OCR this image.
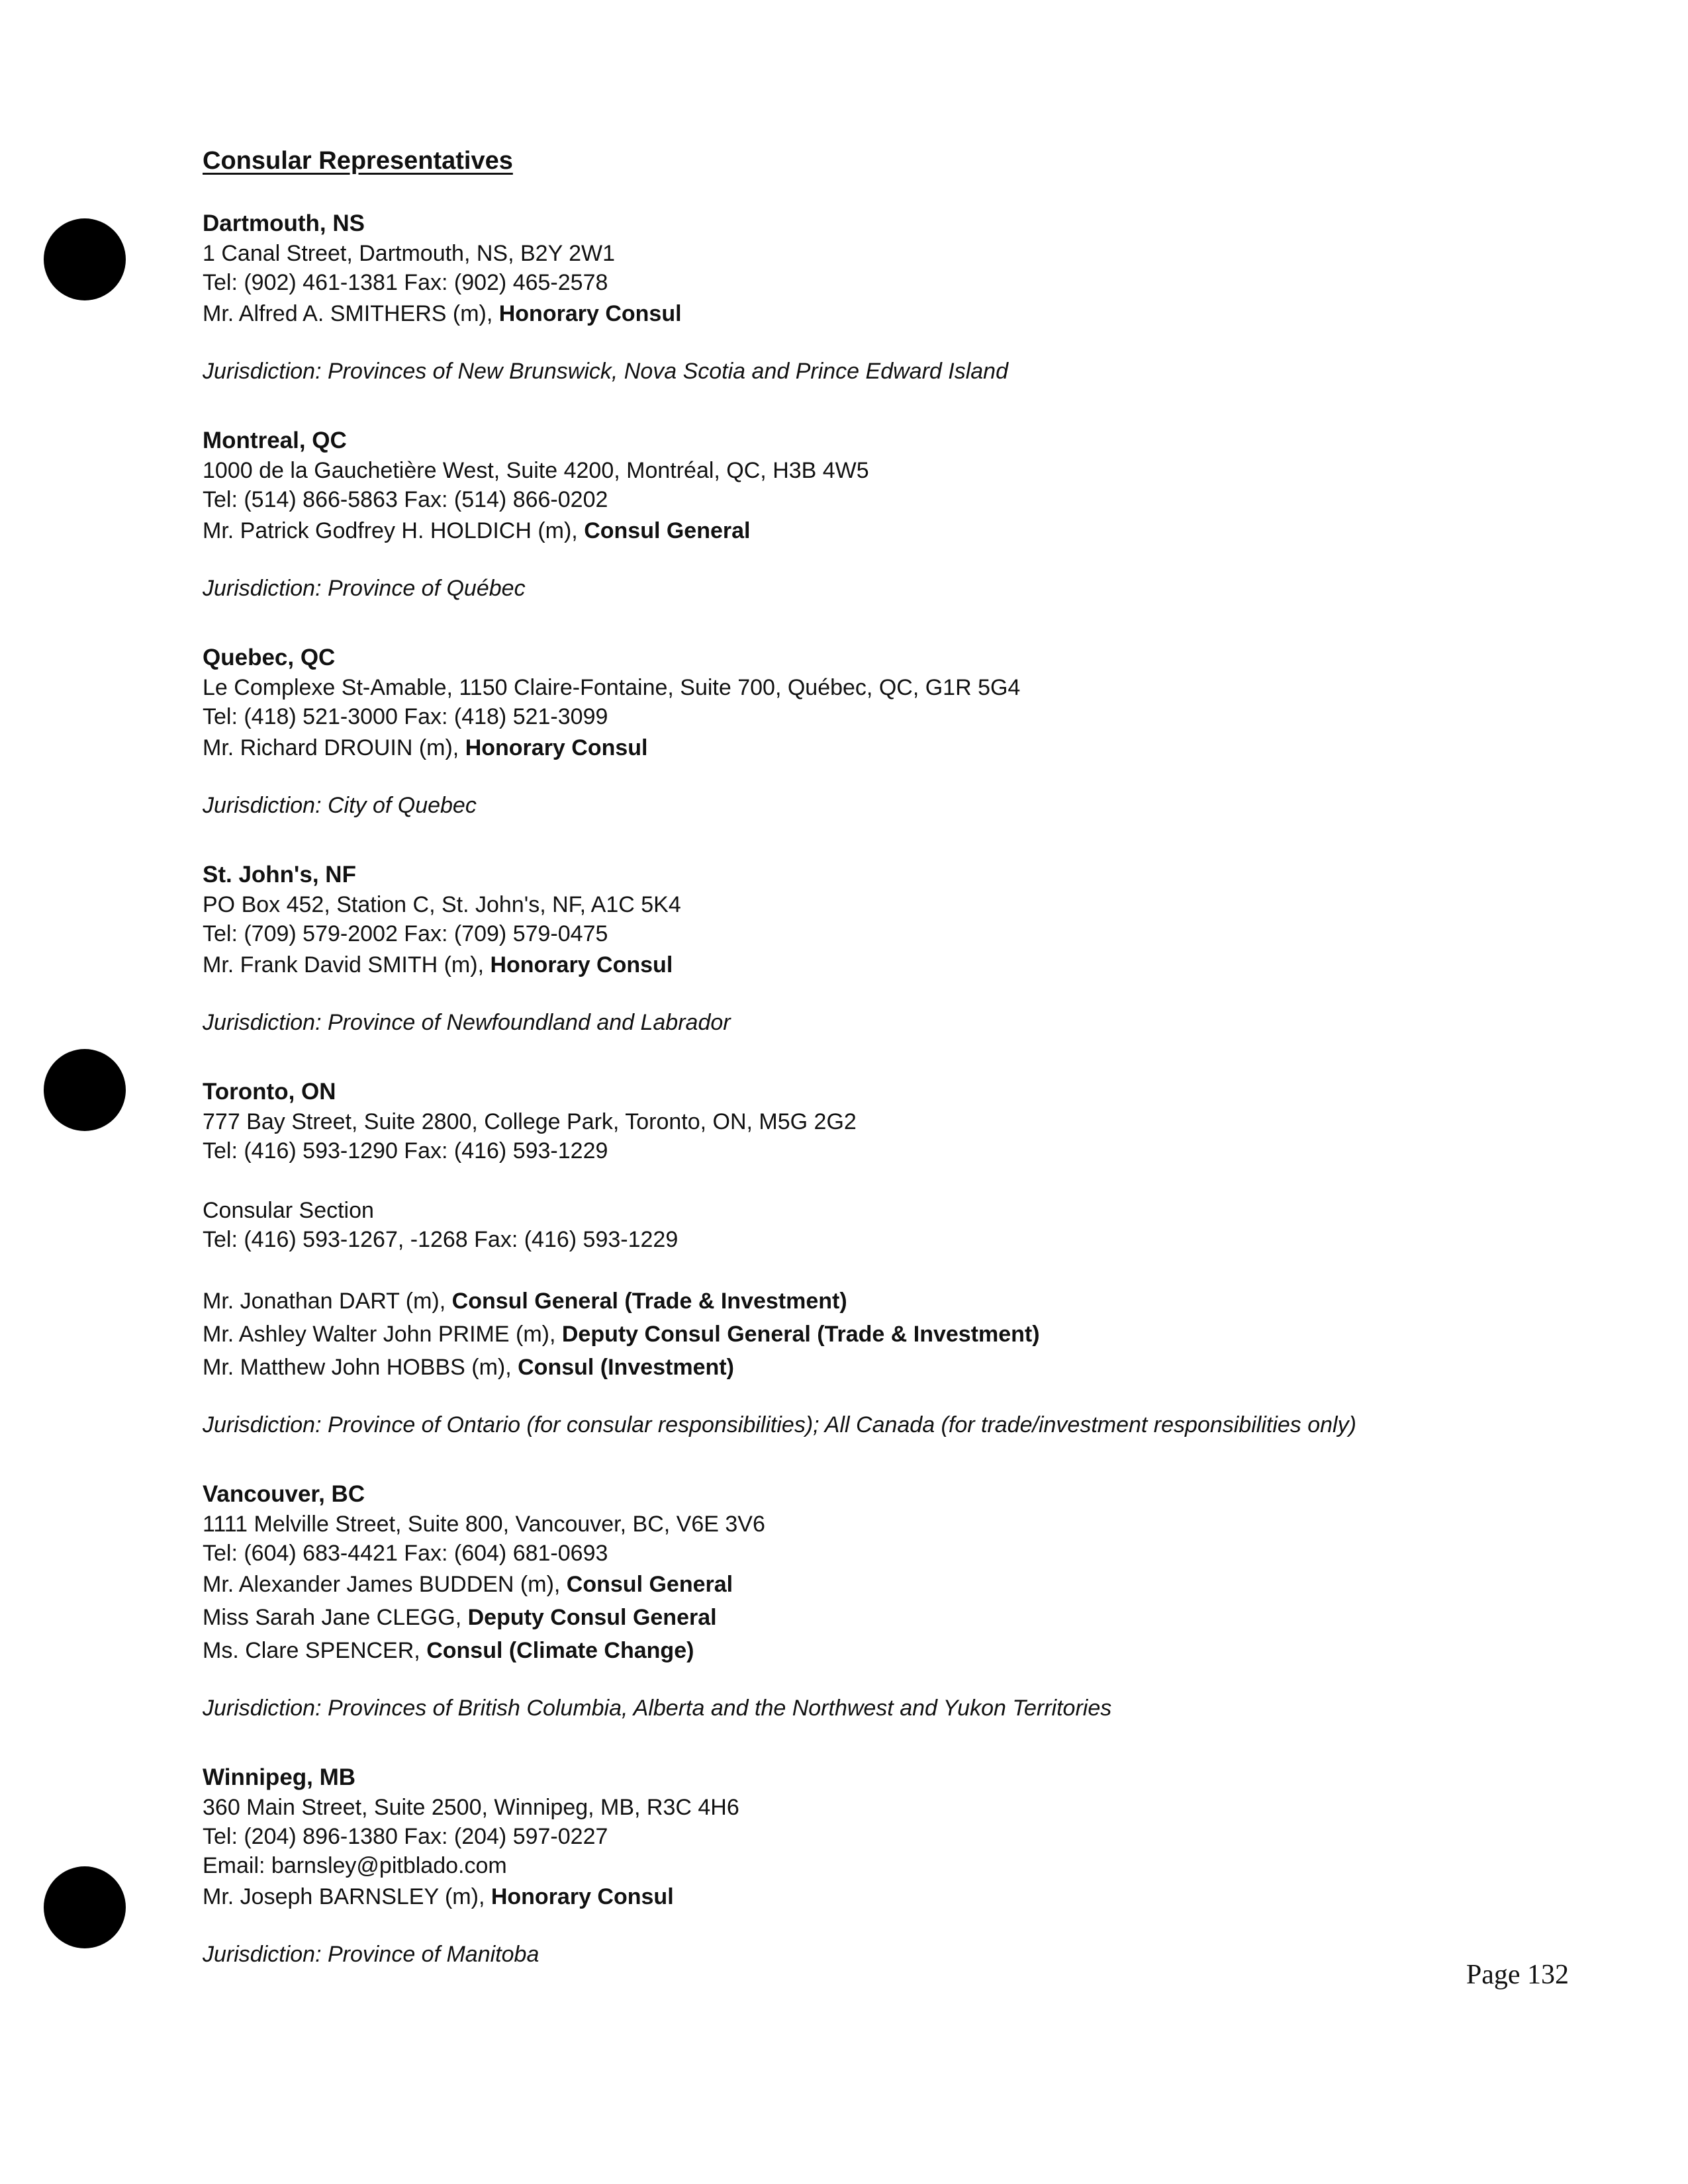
Consular Representatives
Dartmouth, NS
1 Canal Street, Dartmouth, NS, B2Y 2W1
Tel: (902) 461-1381 Fax: (902) 465-2578
Mr. Alfred A. SMITHERS (m), Honorary Consul
Jurisdiction: Provinces of New Brunswick, Nova Scotia and Prince Edward Island
Montreal, QC
1000 de la Gauchetière West, Suite 4200, Montréal, QC, H3B 4W5
Tel: (514) 866-5863 Fax: (514) 866-0202
Mr. Patrick Godfrey H. HOLDICH (m), Consul General
Jurisdiction: Province of Québec
Quebec, QC
Le Complexe St-Amable, 1150 Claire-Fontaine, Suite 700, Québec, QC, G1R 5G4
Tel: (418) 521-3000 Fax: (418) 521-3099
Mr. Richard DROUIN (m), Honorary Consul
Jurisdiction: City of Quebec
St. John's, NF
PO Box 452, Station C, St. John's, NF, A1C 5K4
Tel: (709) 579-2002 Fax: (709) 579-0475
Mr. Frank David SMITH (m), Honorary Consul
Jurisdiction: Province of Newfoundland and Labrador
Toronto, ON
777 Bay Street, Suite 2800, College Park, Toronto, ON, M5G 2G2
Tel: (416) 593-1290 Fax: (416) 593-1229
Consular Section
Tel: (416) 593-1267, -1268 Fax: (416) 593-1229
Mr. Jonathan DART (m), Consul General (Trade & Investment)
Mr. Ashley Walter John PRIME (m), Deputy Consul General (Trade & Investment)
Mr. Matthew John HOBBS (m), Consul (Investment)
Jurisdiction: Province of Ontario (for consular responsibilities); All Canada (for trade/investment responsibilities only)
Vancouver, BC
1111 Melville Street, Suite 800, Vancouver, BC, V6E 3V6
Tel: (604) 683-4421 Fax: (604) 681-0693
Mr. Alexander James BUDDEN (m), Consul General
Miss Sarah Jane CLEGG, Deputy Consul General
Ms. Clare SPENCER, Consul (Climate Change)
Jurisdiction: Provinces of British Columbia, Alberta and the Northwest and Yukon Territories
Winnipeg, MB
360 Main Street, Suite 2500, Winnipeg, MB, R3C 4H6
Tel: (204) 896-1380 Fax: (204) 597-0227
Email: barnsley@pitblado.com
Mr. Joseph BARNSLEY (m), Honorary Consul
Jurisdiction: Province of Manitoba
Page 132
